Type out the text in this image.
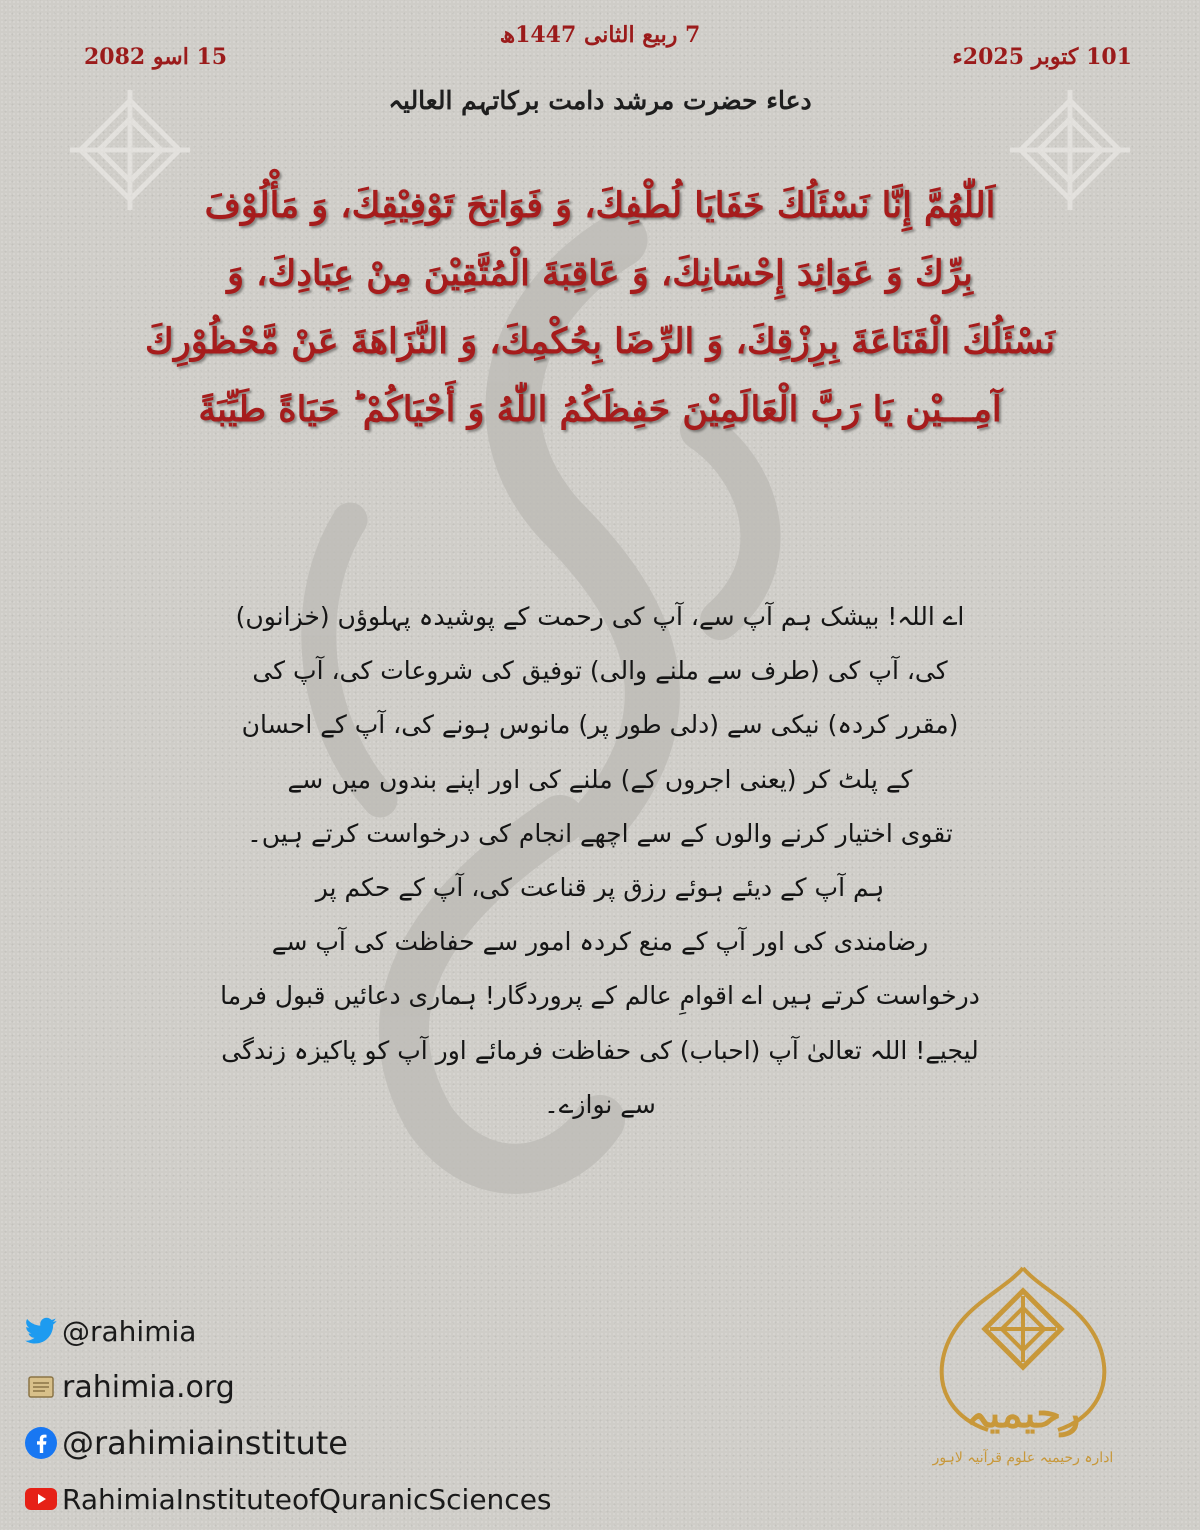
7 ربیع الثانی 1447ھ
101 کتوبر 2025ء
15 اسو 2082
دعاء حضرت مرشد دامت برکاتہم العالیہ
اَللّٰهُمَّ إِنَّا نَسْئَلُكَ خَفَايَا لُطْفِكَ، وَ فَوَاتِحَ تَوْفِيْقِكَ، وَ مَأْلُوْفَ
بِرِّكَ وَ عَوَائِدَ إِحْسَانِكَ، وَ عَاقِبَةَ الْمُتَّقِيْنَ مِنْ عِبَادِكَ، وَ
نَسْئَلُكَ الْقَنَاعَةَ بِرِزْقِكَ، وَ الرِّضَا بِحُكْمِكَ، وَ النَّزَاهَةَ عَنْ مَّحْظُوْرِكَ
آمِـــيْن يَا رَبَّ الْعَالَمِيْنَ حَفِظَكُمُ اللّٰهُ وَ أَحْيَاكُمْ ؕ حَيَاةً طَيِّبَةً
اے اللہ! بیشک ہم آپ سے، آپ کی رحمت کے پوشیدہ پہلوؤں (خزانوں)
کی، آپ کی (طرف سے ملنے والی) توفیق کی شروعات کی، آپ کی
(مقرر کردہ) نیکی سے (دلی طور پر) مانوس ہونے کی، آپ کے احسان
کے پلٹ کر (یعنی اجروں کے) ملنے کی اور اپنے بندوں میں سے
تقوی اختیار کرنے والوں کے سے اچھے انجام کی درخواست کرتے ہیں۔
ہم آپ کے دیئے ہوئے رزق پر قناعت کی، آپ کے حکم پر
رضامندی کی اور آپ کے منع کردہ امور سے حفاظت کی آپ سے
درخواست کرتے ہیں اے اقوامِ عالم کے پروردگار! ہماری دعائیں قبول فرما
لیجیے! اللہ تعالیٰ آپ (احباب) کی حفاظت فرمائے اور آپ کو پاکیزہ زندگی
سے نوازے۔
@rahimia
rahimia.org
@rahimiainstitute
RahimiaInstituteofQuranicSciences
رحیمیہ
ادارہ رحیمیہ علوم قرآنیہ لاہور
